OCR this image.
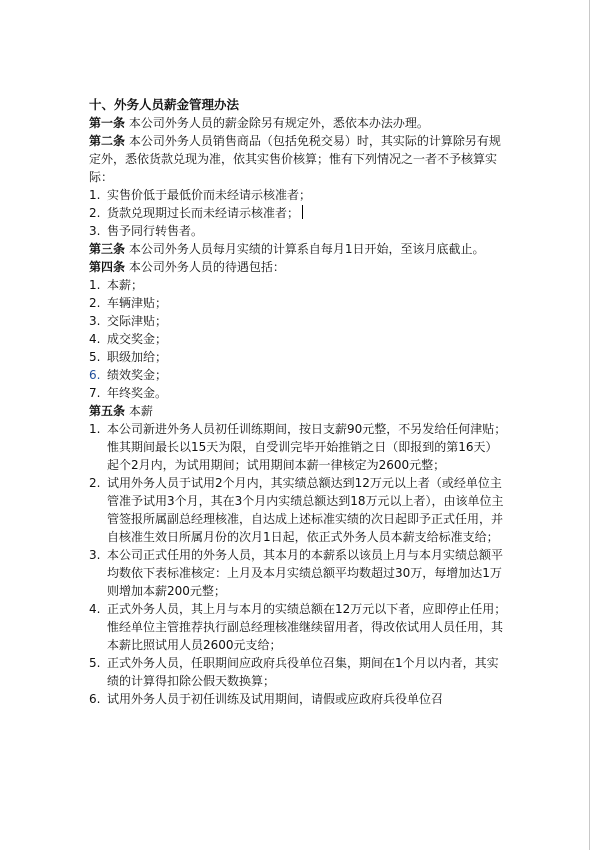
十、外务人员薪金管理办法

第一条 本公司外务人员的薪金除另有规定外，悉依本办法办理。

第二条 本公司外务人员销售商品（包括免税交易）时，其实际的计算除另有规定外，悉依货款兑现为准，依其实售价核算；惟有下列情况之一者不予核算实际：

1. 实售价低于最低价而未经请示核准者；
2. 货款兑现期过长而未经请示核准者；
3. 售予同行转售者。

第三条 本公司外务人员每月实绩的计算系自每月1日开始，至该月底截止。

第四条 本公司外务人员的待遇包括：

1. 本薪；
2. 车辆津贴；
3. 交际津贴；
4. 成交奖金；
5. 职级加给；
6. 绩效奖金；
7. 年终奖金。

第五条 本薪

1. 本公司新进外务人员初任训练期间，按日支薪90元整，不另发给任何津贴；惟其期间最长以15天为限，自受训完毕开始推销之日（即报到的第16天）起个2月内，为试用期间；试用期间本薪一律核定为2600元整；
2. 试用外务人员于试用2个月内，其实绩总额达到12万元以上者（或经单位主管准予试用3个月，其在3个月内实绩总额达到18万元以上者），由该单位主管签报所属副总经理核准，自达成上述标准实绩的次日起即予正式任用，并自核准生效日所属月份的次月1日起，依正式外务人员本薪支给标准支给；
3. 本公司正式任用的外务人员，其本月的本薪系以该员上月与本月实绩总额平均数依下表标准核定：上月及本月实绩总额平均数超过30万，每增加达1万则增加本薪200元整；
4. 正式外务人员，其上月与本月的实绩总额在12万元以下者，应即停止任用；惟经单位主管推荐执行副总经理核准继续留用者，得改依试用人员任用，其本薪比照试用人员2600元支给；
5. 正式外务人员，任职期间应政府兵役单位召集，期间在1个月以内者，其实绩的计算得扣除公假天数换算；
6. 试用外务人员于初任训练及试用期间，请假或应政府兵役单位召
